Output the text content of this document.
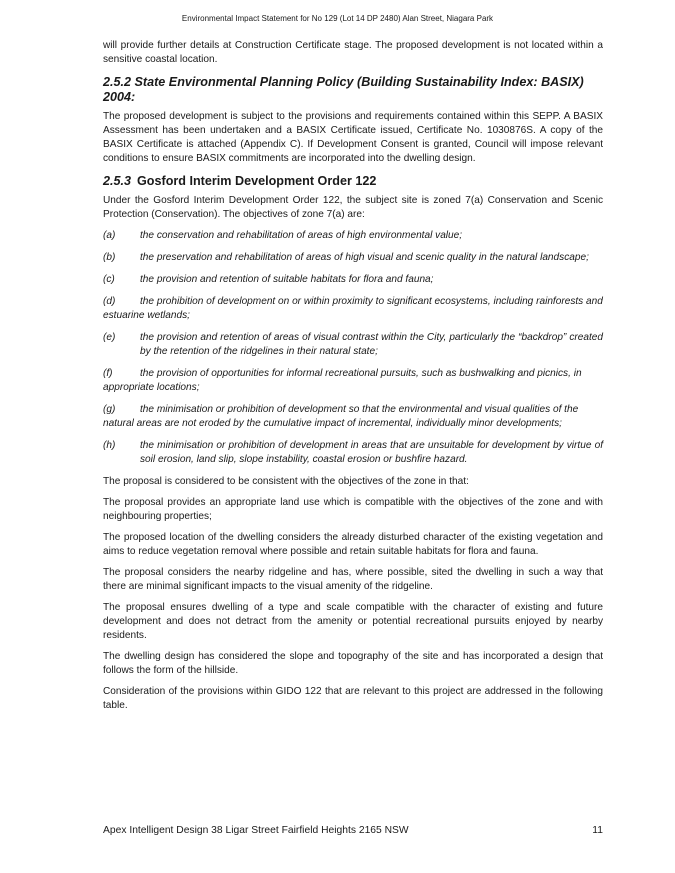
Environmental Impact Statement for No 129 (Lot 14 DP 2480) Alan Street, Niagara Park

will provide further details at Construction Certificate stage. The proposed development is not located within a sensitive coastal location.

2.5.2 State Environmental Planning Policy (Building Sustainability Index: BASIX) 2004:

The proposed development is subject to the provisions and requirements contained within this SEPP. A BASIX Assessment has been undertaken and a BASIX Certificate issued, Certificate No. 1030876S. A copy of the BASIX Certificate is attached (Appendix C). If Development Consent is granted, Council will impose relevant conditions to ensure BASIX commitments are incorporated into the dwelling design.

2.5.3 Gosford Interim Development Order 122

Under the Gosford Interim Development Order 122, the subject site is zoned 7(a) Conservation and Scenic Protection (Conservation). The objectives of zone 7(a) are:

(a)	the conservation and rehabilitation of areas of high environmental value;
(b)	the preservation and rehabilitation of areas of high visual and scenic quality in the natural landscape;
(c)	the provision and retention of suitable habitats for flora and fauna;

(d) the prohibition of development on or within proximity to significant ecosystems, including rainforests and estuarine wetlands;

(e)	the provision and retention of areas of visual contrast within the City, particularly the “backdrop” created by the retention of the ridgelines in their natural state;

(f)	the provision of opportunities for informal recreational pursuits, such as bushwalking and picnics, in appropriate locations;

(g) the minimisation or prohibition of development so that the environmental and visual qualities of the natural areas are not eroded by the cumulative impact of incremental, individually minor developments;

(h)	the minimisation or prohibition of development in areas that are unsuitable for development by virtue of soil erosion, land slip, slope instability, coastal erosion or bushfire hazard.

The proposal is considered to be consistent with the objectives of the zone in that:

The proposal provides an appropriate land use which is compatible with the objectives of the zone and with neighbouring properties;

The proposed location of the dwelling considers the already disturbed character of the existing vegetation and aims to reduce vegetation removal where possible and retain suitable habitats for flora and fauna.

The proposal considers the nearby ridgeline and has, where possible, sited the dwelling in such a way that there are minimal significant impacts to the visual amenity of the ridgeline.

The proposal ensures dwelling of a type and scale compatible with the character of existing and future development and does not detract from the amenity or potential recreational pursuits enjoyed by nearby residents.

The dwelling design has considered the slope and topography of the site and has incorporated a design that follows the form of the hillside.

Consideration of the provisions within GIDO 122 that are relevant to this project are addressed in the following table.

Apex Intelligent Design 38 Ligar Street Fairfield Heights 2165 NSW	11
